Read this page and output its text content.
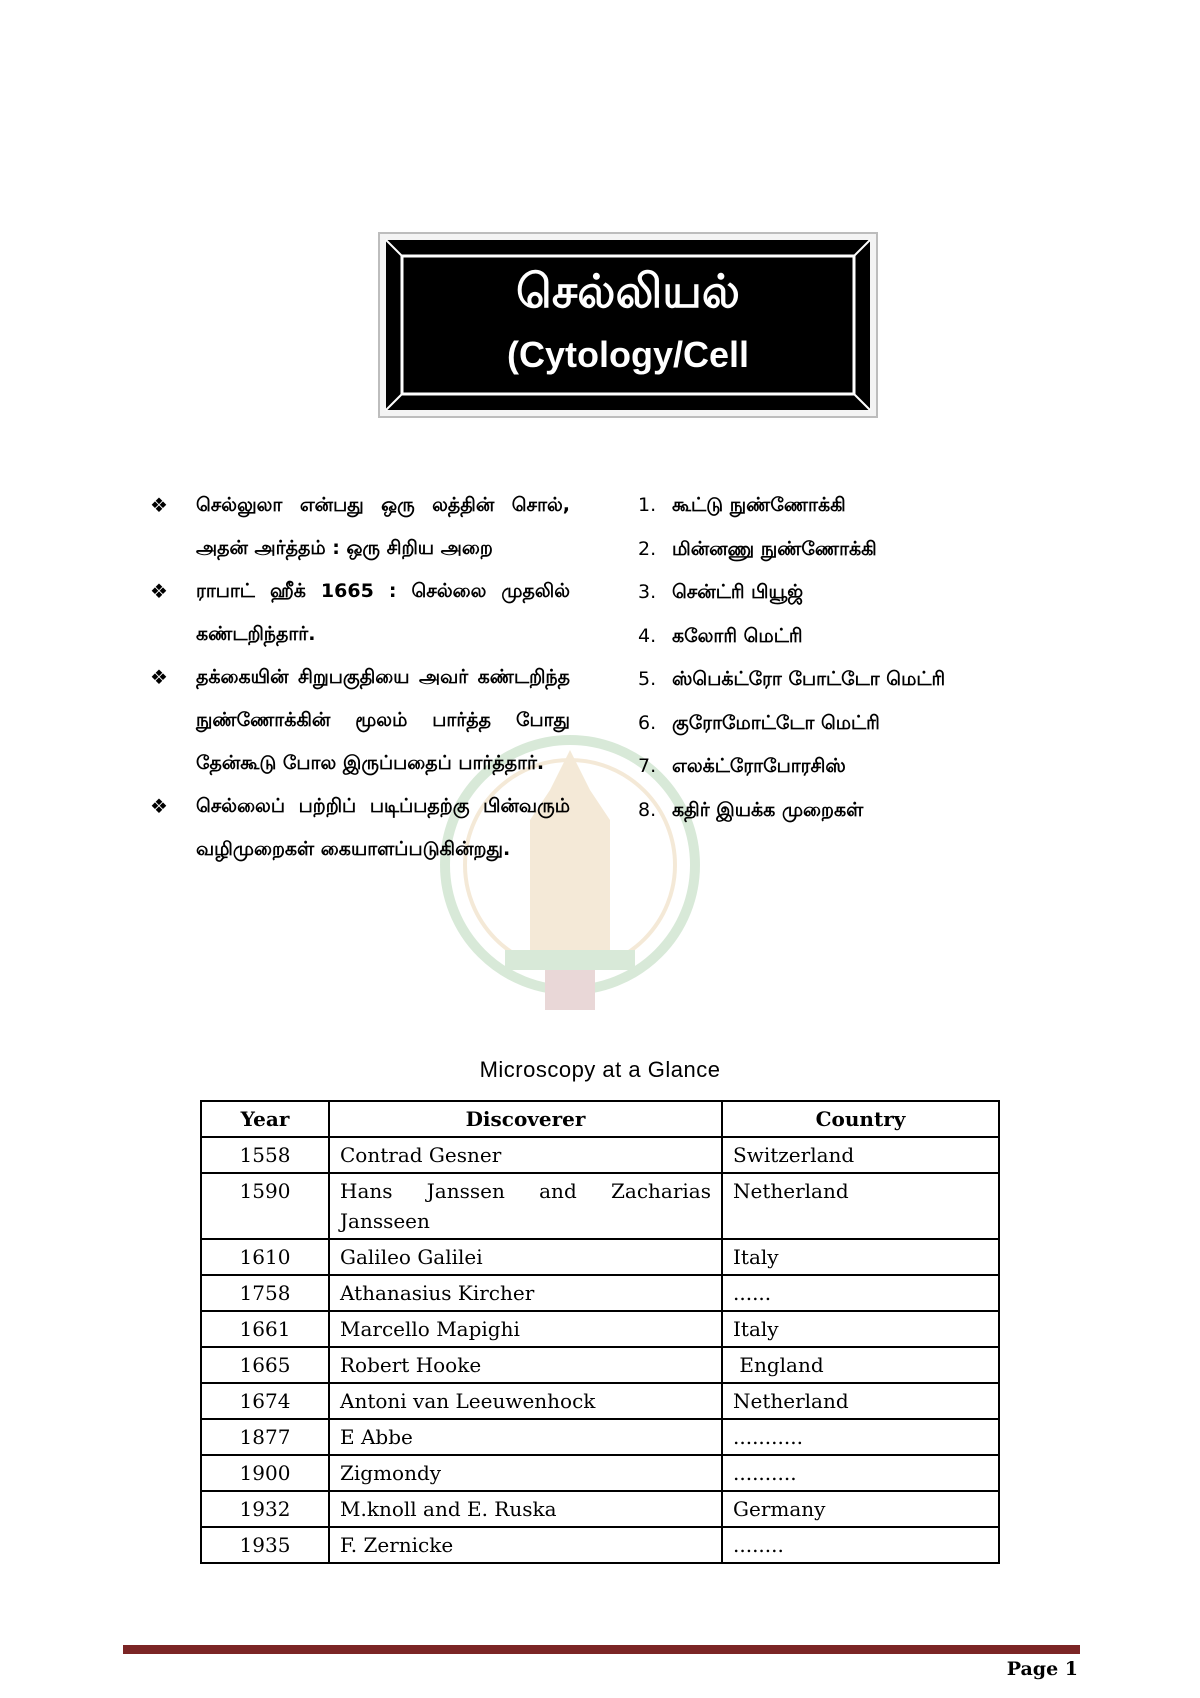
செல்லியல்
(Cytology/Cell
❖ செல்லுலா என்பது ஒரு லத்தின் சொல், அதன் அர்த்தம் : ஒரு சிறிய அறை
❖ ராபாட் ஹீக் 1665 : செல்லை முதலில் கண்டறிந்தார்.
❖ தக்கையின் சிறுபகுதியை அவர் கண்டறிந்த நுண்ணோக்கின் மூலம் பார்த்த போது தேன்கூடு போல இருப்பதைப் பார்த்தார்.
❖ செல்லைப் பற்றிப் படிப்பதற்கு பின்வரும் வழிமுறைகள் கையாளப்படுகின்றது.
1. கூட்டு நுண்ணோக்கி
2. மின்னணு நுண்ணோக்கி
3. சென்ட்ரி பியூஜ்
4. கலோரி மெட்ரி
5. ஸ்பெக்ட்ரோ போட்டோ மெட்ரி
6. குரோமோட்டோ மெட்ரி
7. எலக்ட்ரோபோரசிஸ்
8. கதிர் இயக்க முறைகள்
Microscopy at a Glance
Year	Discoverer	Country
1558	Contrad Gesner	Switzerland
1590	Hans Janssen and Zacharias Jansseen	Netherland
1610	Galileo Galilei	Italy
1758	Athanasius Kircher	......
1661	Marcello Mapighi	Italy
1665	Robert Hooke	England
1674	Antoni van Leeuwenhock	Netherland
1877	E Abbe	...........
1900	Zigmondy	..........
1932	M.knoll and E. Ruska	Germany
1935	F. Zernicke	........
Page 1
